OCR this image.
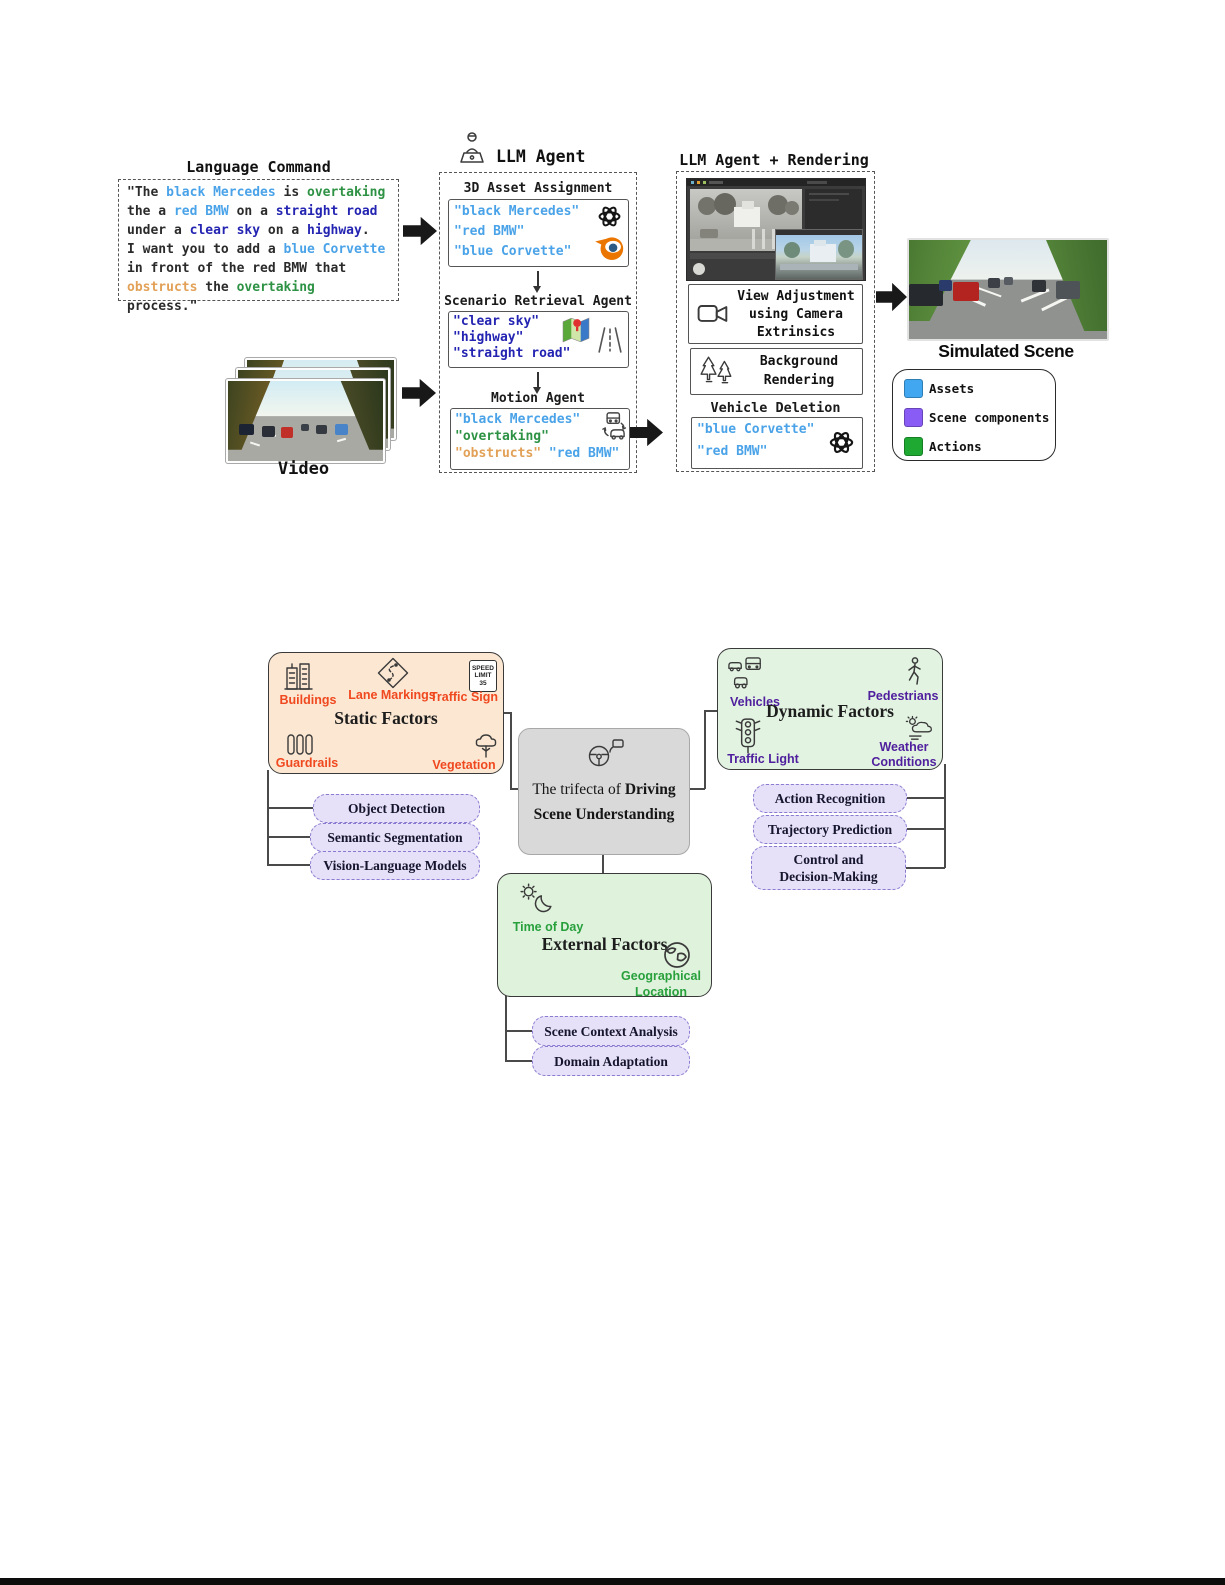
Language Command
"The black Mercedes is overtaking
the a red BMW on a straight road
under a clear sky on a highway.
I want you to add a blue Corvette
in front of the red BMW that
obstructs the overtaking process."
Video
LLM Agent
3D Asset Assignment
"black Mercedes"
"red BMW"
"blue Corvette"
Scenario Retrieval Agent
"clear sky"
"highway"
"straight road"
Motion Agent
"black Mercedes"
"overtaking"
"obstructs" "red BMW"
LLM Agent + Rendering
View Adjustment
using Camera
Extrinsics
Background
Rendering
Vehicle Deletion
"blue Corvette"
"red BMW"
Simulated Scene
Assets
Scene components
Actions
Buildings Lane Markings
SPEED
LIMIT
35
Traffic Sign
Static Factors
Guardrails	Vegetation
Vehicles	Pedestrians
Dynamic Factors
Traffic Light
Weather Conditions
The trifecta of Driving
Scene Understanding
Time of Day
External Factors
Geographical Location
Object Detection
Semantic Segmentation
Vision-Language Models
Action Recognition
Trajectory Prediction
Control and Decision-Making
Scene Context Analysis
Domain Adaptation
